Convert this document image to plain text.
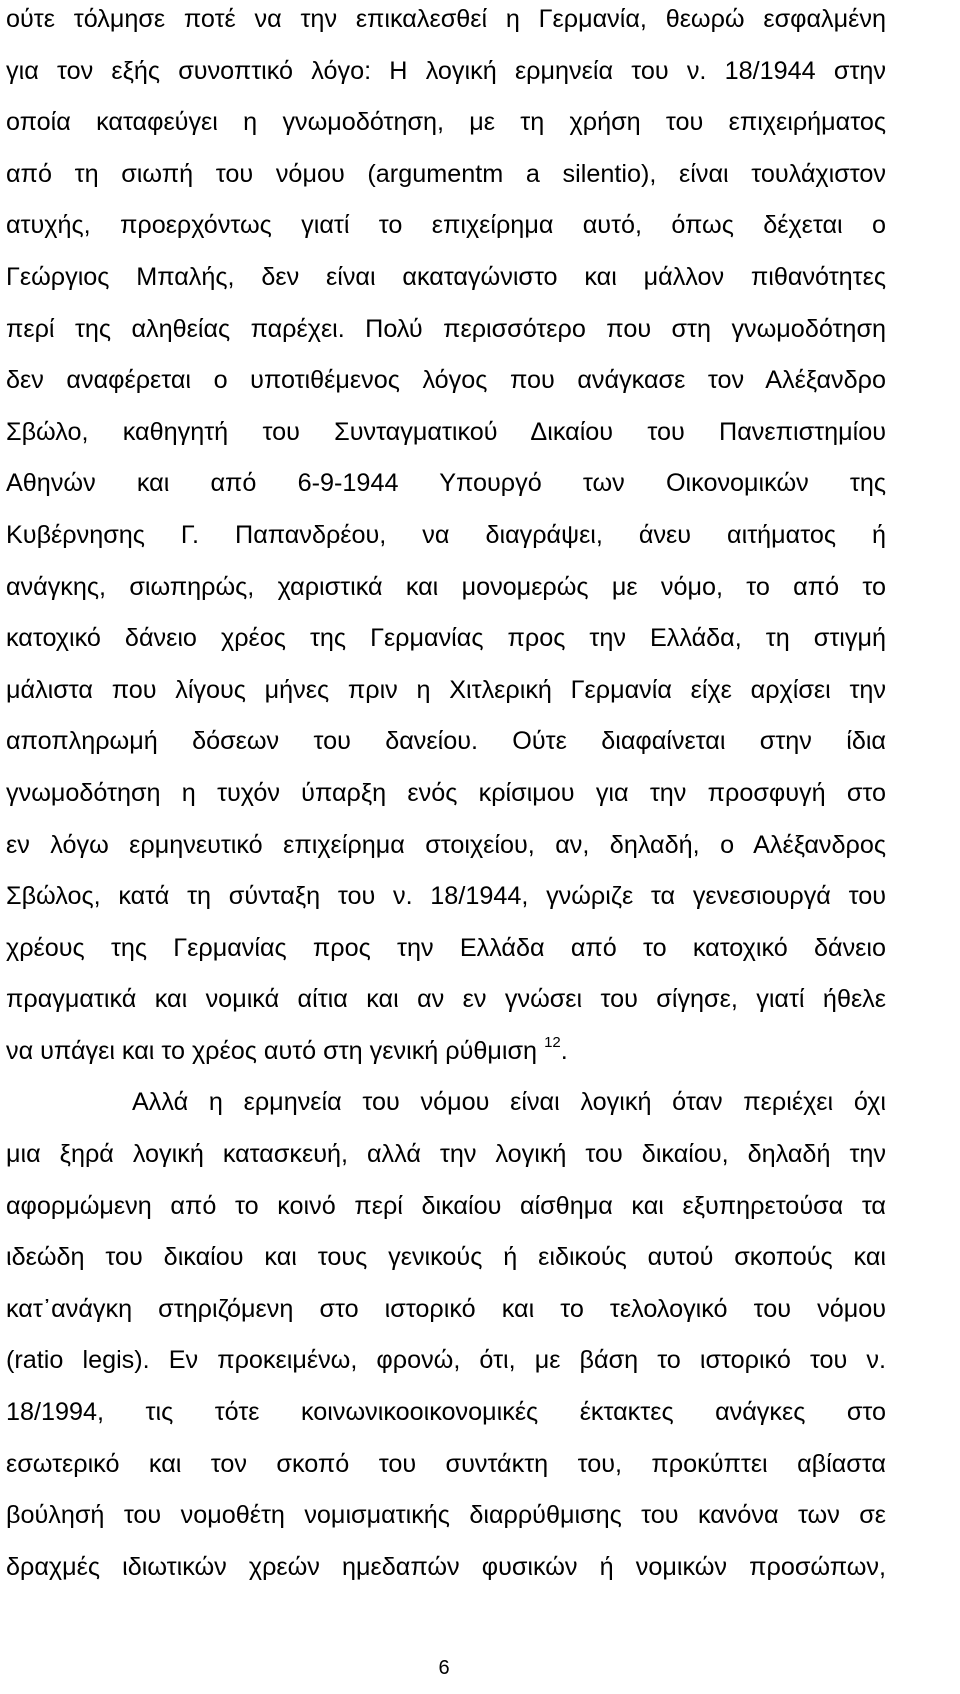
ούτε τόλμησε ποτέ να την επικαλεσθεί η Γερμανία, θεωρώ εσφαλμένη
για τον εξής συνοπτικό λόγο: Η λογική ερμηνεία του ν. 18/1944 στην
οποία καταφεύγει η γνωμοδότηση, με τη χρήση του επιχειρήματος
από τη σιωπή του νόμου (argumentm a silentio), είναι τουλάχιστον
ατυχής, προερχόντως γιατί το επιχείρημα αυτό, όπως δέχεται ο
Γεώργιος Μπαλής, δεν είναι ακαταγώνιστο και μάλλον πιθανότητες
περί της αληθείας παρέχει. Πολύ περισσότερο που στη γνωμοδότηση
δεν αναφέρεται ο υποτιθέμενος λόγος που ανάγκασε τον Αλέξανδρο
Σβώλο, καθηγητή του Συνταγματικού Δικαίου του Πανεπιστημίου
Αθηνών και από 6-9-1944 Υπουργό των Οικονομικών της
Κυβέρνησης Γ. Παπανδρέου, να διαγράψει, άνευ αιτήματος ή
ανάγκης, σιωπηρώς, χαριστικά και μονομερώς με νόμο, το από το
κατοχικό δάνειο χρέος της Γερμανίας προς την Ελλάδα, τη στιγμή
μάλιστα που λίγους μήνες πριν η Χιτλερική Γερμανία είχε αρχίσει την
αποπληρωμή δόσεων του δανείου. Ούτε διαφαίνεται στην ίδια
γνωμοδότηση η τυχόν ύπαρξη ενός κρίσιμου για την προσφυγή στο
εν λόγω ερμηνευτικό επιχείρημα στοιχείου, αν, δηλαδή, ο Αλέξανδρος
Σβώλος, κατά τη σύνταξη του ν. 18/1944, γνώριζε τα γενεσιουργά του
χρέους της Γερμανίας προς την Ελλάδα από το κατοχικό δάνειο
πραγματικά και νομικά αίτια και αν εν γνώσει του σίγησε, γιατί ήθελε
να υπάγει και το χρέος αυτό στη γενική ρύθμιση $^{12}$.
Αλλά η ερμηνεία του νόμου είναι λογική όταν περιέχει όχι
μια ξηρά λογική κατασκευή, αλλά την λογική του δικαίου, δηλαδή την
αφορμώμενη από το κοινό περί δικαίου αίσθημα και εξυπηρετούσα τα
ιδεώδη του δικαίου και τους γενικούς ή ειδικούς αυτού σκοπούς και
κατ᾽ανάγκη στηριζόμενη στο ιστορικό και το τελολογικό του νόμου
(ratio legis). Εν προκειμένω, φρονώ, ότι, με βάση το ιστορικό του ν.
18/1994, τις τότε κοινωνικοοικονομικές έκτακτες ανάγκες στο
εσωτερικό και τον σκοπό του συντάκτη του, προκύπτει αβίαστα
βούλησή του νομοθέτη νομισματικής διαρρύθμισης του κανόνα των σε
δραχμές ιδιωτικών χρεών ημεδαπών φυσικών ή νομικών προσώπων,
6
